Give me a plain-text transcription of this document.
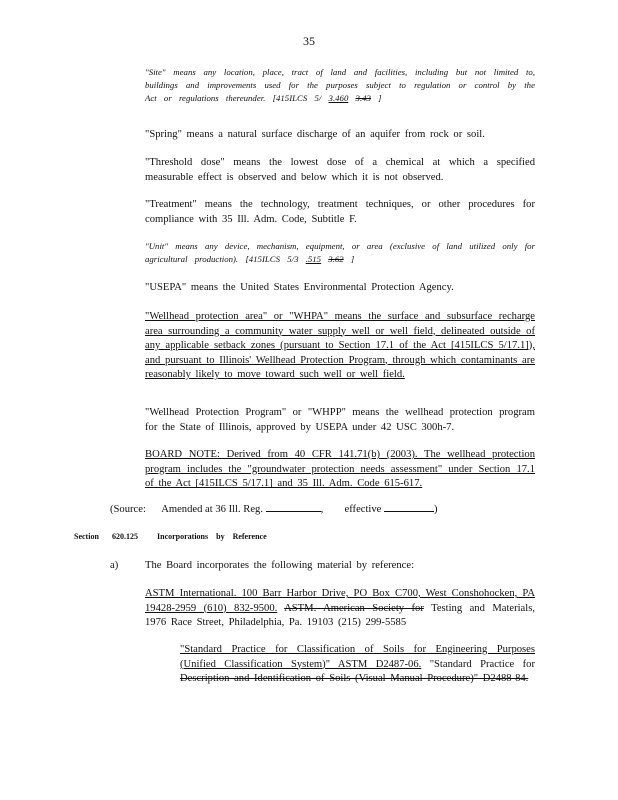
35

"Site" means any location, place, tract of land and facilities, including but not limited to, buildings and improvements used for the purposes subject to regulation or control by the Act or regulations thereunder. [415ILCS 5/ 3.460 3.43 ]

"Spring" means a natural surface discharge of an aquifer from rock or soil.

"Threshold dose" means the lowest dose of a chemical at which a specified measurable effect is observed and below which it is not observed.

"Treatment" means the technology, treatment techniques, or other procedures for compliance with 35 Ill. Adm. Code, Subtitle F.

"Unit" means any device, mechanism, equipment, or area (exclusive of land utilized only for agricultural production). [415ILCS 5/3 .515 3.62 ]

"USEPA" means the United States Environmental Protection Agency.

"Wellhead protection area" or "WHPA" means the surface and subsurface recharge area surrounding a community water supply well or well field, delineated outside of any applicable setback zones (pursuant to Section 17.1 of the Act [415ILCS 5/17.1]), and pursuant to Illinois' Wellhead Protection Program, through which contaminants are reasonably likely to move toward such well or well field.

"Wellhead Protection Program" or "WHPP" means the wellhead protection program for the State of Illinois, approved by USEPA under 42 USC 300h-7.

BOARD NOTE: Derived from 40 CFR 141.71(b) (2003). The wellhead protection program includes the "groundwater protection needs assessment" under Section 17.1 of the Act [415ILCS 5/17.1] and 35 Ill. Adm. Code 615-617.

(Source: Amended at 36 Ill. Reg.	,        effective	)
Section 620.125 Incorporations by Reference
a)	The Board incorporates the following material by reference:

ASTM International. 100 Barr Harbor Drive, PO Box C700, West Conshohocken, PA 19428-2959 (610) 832-9500. ASTM. American Society for Testing and Materials, 1976 Race Street, Philadelphia, Pa. 19103 (215) 299-5585

"Standard Practice for Classification of Soils for Engineering Purposes (Unified Classification System)" ASTM D2487-06. "Standard Practice for Description and Identification of Soils (Visual Manual Procedure)" D2488-84.
